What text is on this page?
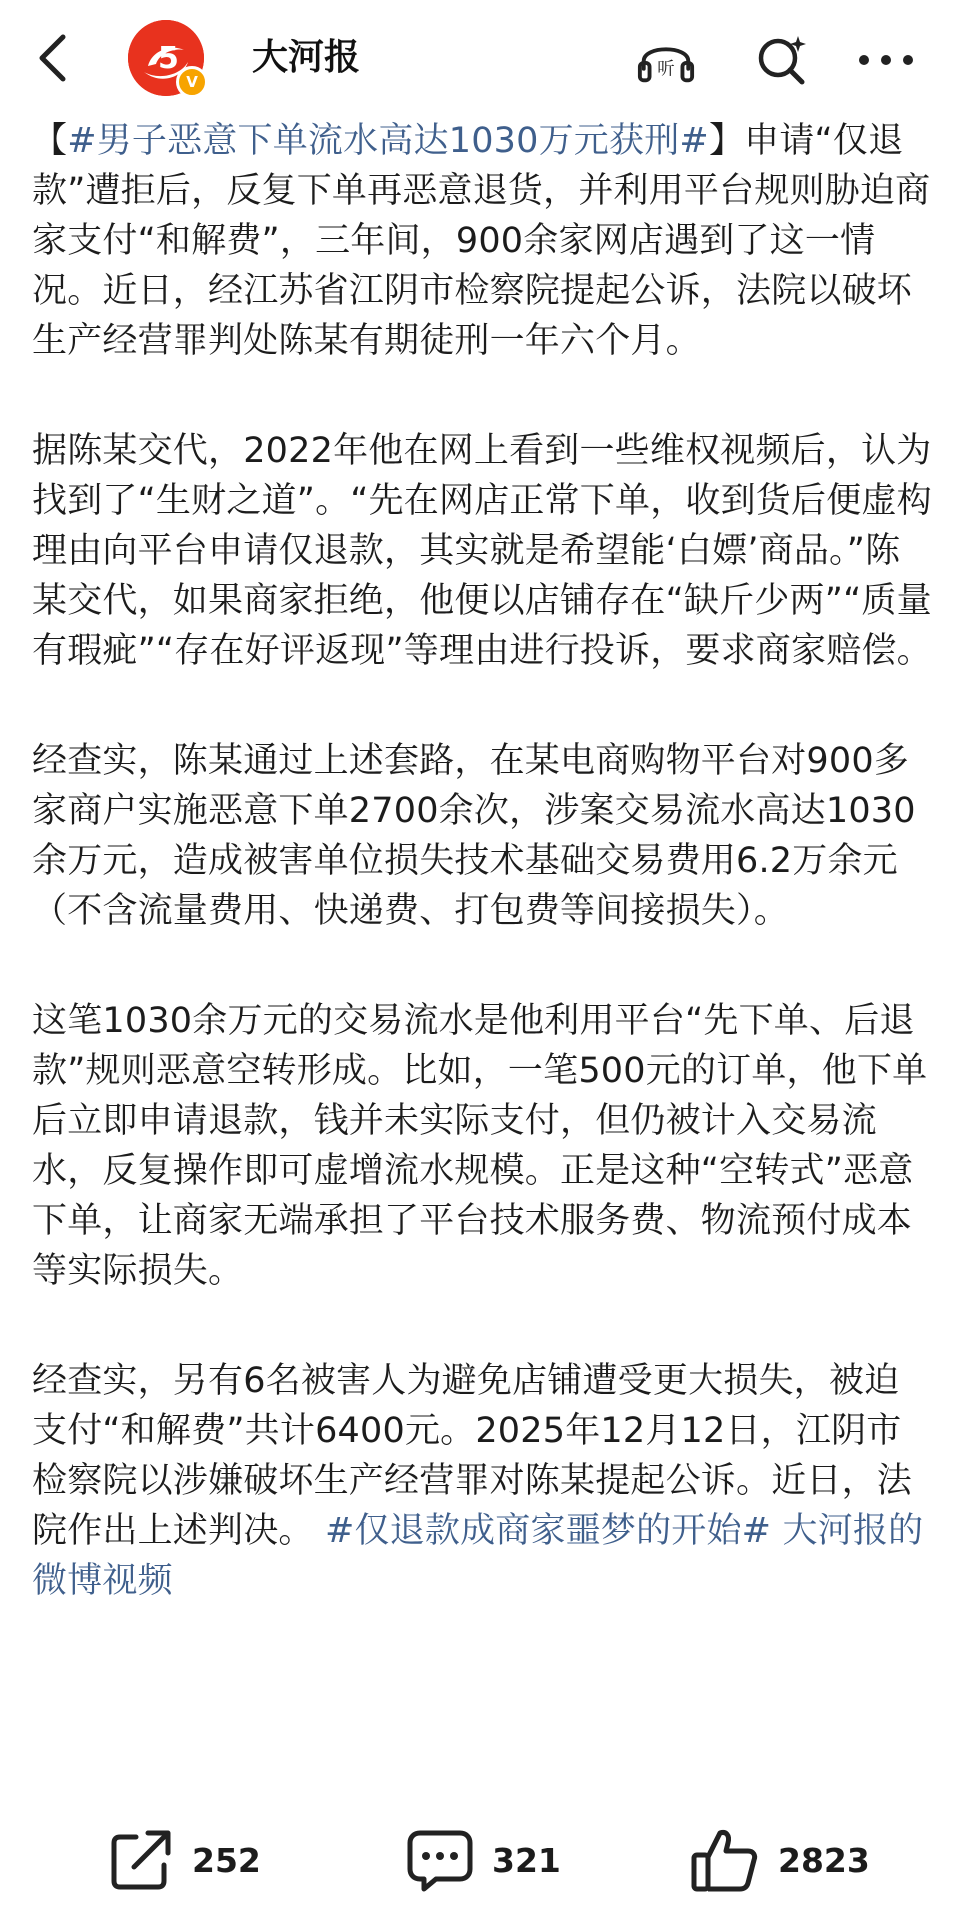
5
V
大河报	听

【#男子恶意下单流水高达1030万元获刑#】申请“仅退款”遭拒后，反复下单再恶意退货，并利用平台规则胁迫商家支付“和解费”，三年间，900余家网店遇到了这一情况。近日，经江苏省江阴市检察院提起公诉，法院以破坏生产经营罪判处陈某有期徒刑一年六个月。

据陈某交代，2022年他在网上看到一些维权视频后，认为找到了“生财之道”。“先在网店正常下单，收到货后便虚构理由向平台申请仅退款，其实就是希望能‘白嫖’商品。”陈某交代，如果商家拒绝，他便以店铺存在“缺斤少两”“质量有瑕疵”“存在好评返现”等理由进行投诉，要求商家赔偿。

经查实，陈某通过上述套路，在某电商购物平台对900多家商户实施恶意下单2700余次，涉案交易流水高达1030余万元，造成被害单位损失技术基础交易费用6.2万余元（不含流量费用、快递费、打包费等间接损失）。

这笔1030余万元的交易流水是他利用平台“先下单、后退款”规则恶意空转形成。比如，一笔500元的订单，他下单后立即申请退款，钱并未实际支付，但仍被计入交易流水，反复操作即可虚增流水规模。正是这种“空转式”恶意下单，让商家无端承担了平台技术服务费、物流预付成本等实际损失。

经查实，另有6名被害人为避免店铺遭受更大损失，被迫支付“和解费”共计6400元。2025年12月12日，江阴市检察院以涉嫌破坏生产经营罪对陈某提起公诉。近日，法院作出上述判决。 #仅退款成商家噩梦的开始# 大河报的微博视频

252	321	2823
